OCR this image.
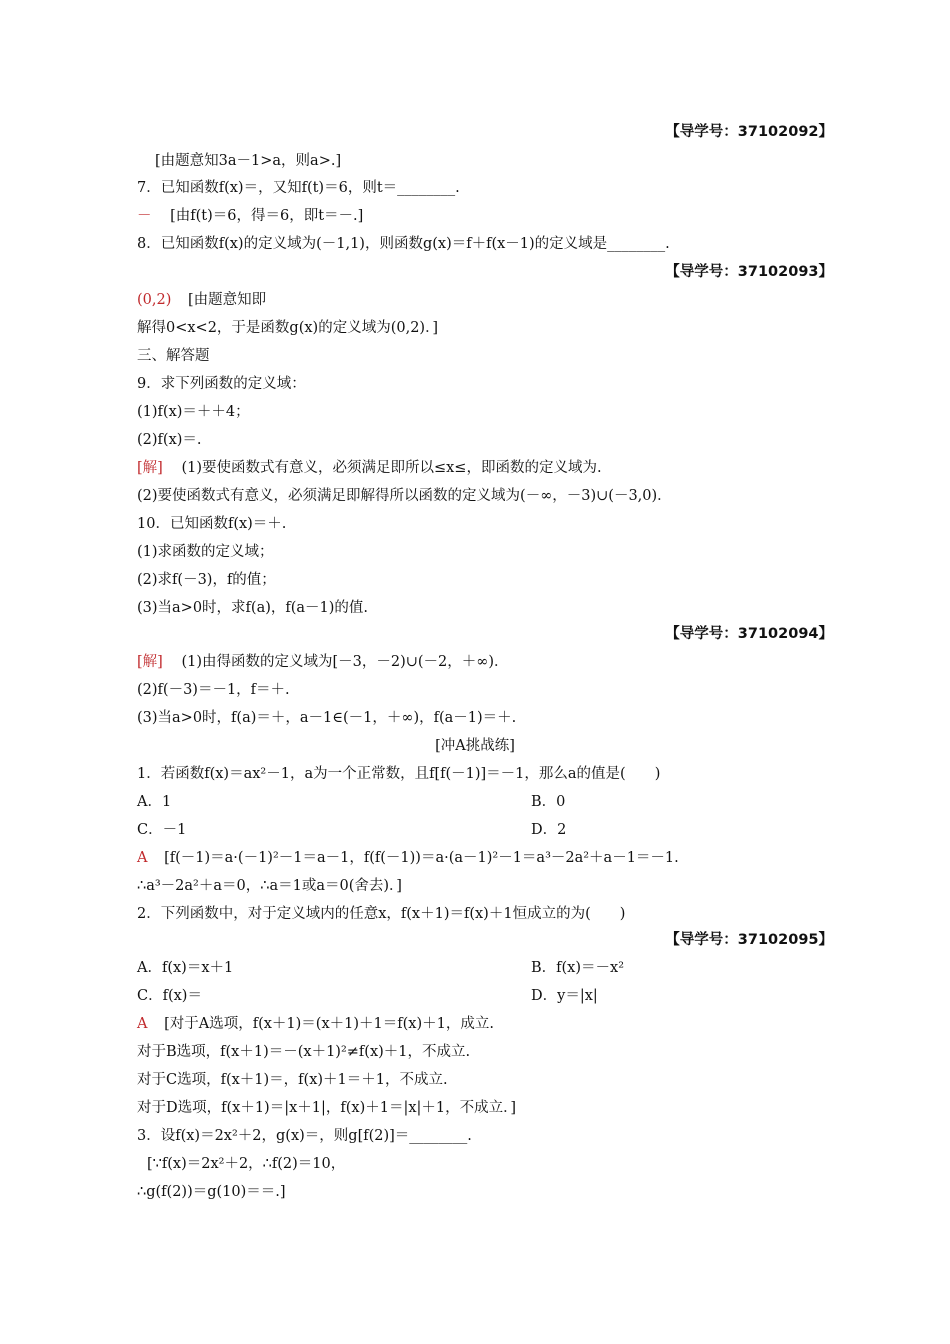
【导学号：37102092】
[由题意知3a－1>a，则a>.]
7．已知函数f(x)＝，又知f(t)＝6，则t＝________.
－ [由f(t)＝6，得＝6，即t＝－.]
8．已知函数f(x)的定义域为(－1,1)，则函数g(x)＝f＋f(x－1)的定义域是________.
【导学号：37102093】
(0,2) [由题意知即
解得0<x<2，于是函数g(x)的定义域为(0,2)．]
三、解答题
9．求下列函数的定义域：
(1)f(x)＝＋＋4；
(2)f(x)＝.
[解] (1)要使函数式有意义，必须满足即所以≤x≤，即函数的定义域为.
(2)要使函数式有意义，必须满足即解得所以函数的定义域为(－∞，－3)∪(－3,0)．
10．已知函数f(x)＝＋.
(1)求函数的定义域；
(2)求f(－3)，f的值；
(3)当a>0时，求f(a)，f(a－1)的值.
【导学号：37102094】
[解] (1)由得函数的定义域为[－3，－2)∪(－2，＋∞)．
(2)f(－3)＝－1，f＝＋.
(3)当a>0时，f(a)＝＋，a－1∈(－1，＋∞)，f(a－1)＝＋.
[冲A挑战练]
1．若函数f(x)＝ax²－1，a为一个正常数，且f[f(－1)]＝－1，那么a的值是(　　)
A．1	B．0
C．－1	D．2
A [f(－1)＝a·(－1)²－1＝a－1，f(f(－1))＝a·(a－1)²－1＝a³－2a²＋a－1＝－1.
∴a³－2a²＋a＝0，∴a＝1或a＝0(舍去)．]
2．下列函数中，对于定义域内的任意x，f(x＋1)＝f(x)＋1恒成立的为(　　)
【导学号：37102095】
A．f(x)＝x＋1	B．f(x)＝－x²
C．f(x)＝	D．y＝|x|
A [对于A选项，f(x＋1)＝(x＋1)＋1＝f(x)＋1，成立.
对于B选项，f(x＋1)＝－(x＋1)²≠f(x)＋1，不成立.
对于C选项，f(x＋1)＝，f(x)＋1＝＋1，不成立.
对于D选项，f(x＋1)＝|x＋1|，f(x)＋1＝|x|＋1，不成立．]
3．设f(x)＝2x²＋2，g(x)＝，则g[f(2)]＝________.
[∵f(x)＝2x²＋2，∴f(2)＝10，
∴g(f(2))＝g(10)＝＝.]
